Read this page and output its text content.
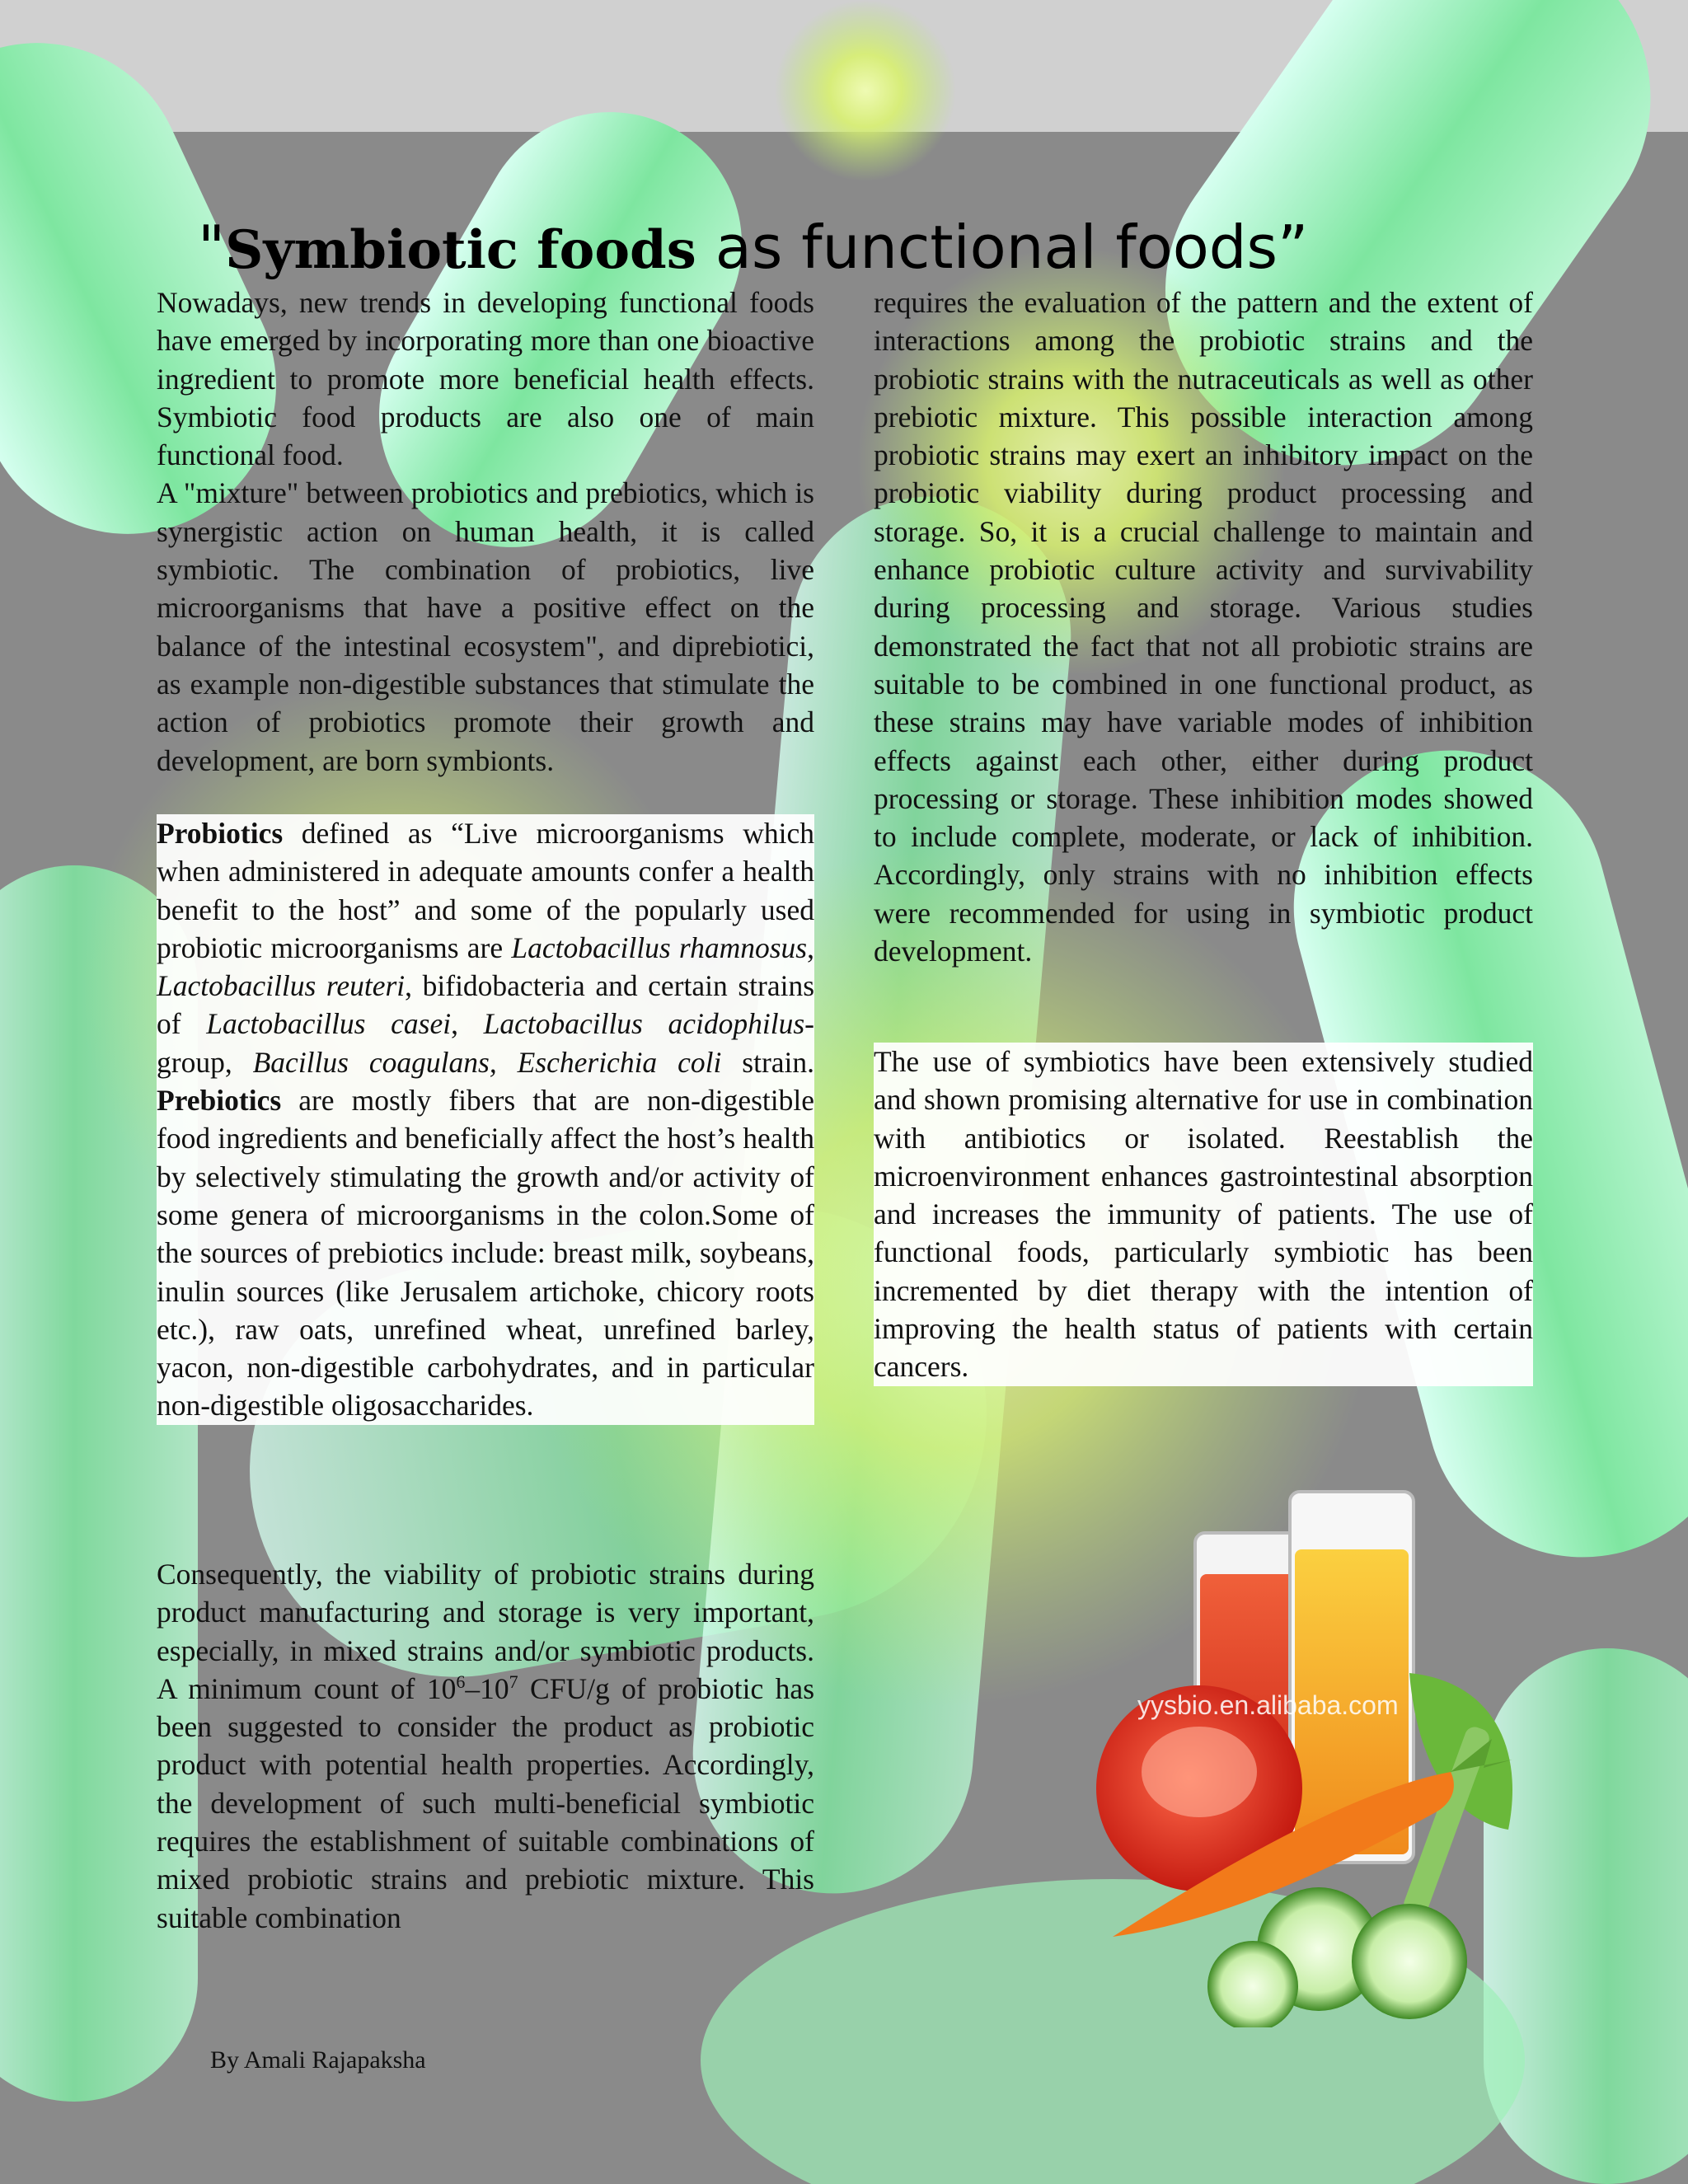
"Symbiotic foods as functional foods”

Nowadays, new trends in developing functional foods have emerged by incorporating more than one bioactive ingredient to promote more beneficial health effects. Symbiotic food products are also one of main functional food.

A "mixture" between probiotics and prebiotics, which is synergistic action on human health, it is called symbiotic. The combination of probiotics, live microorganisms that have a positive effect on the balance of the intestinal ecosystem", and diprebiotici, as example non-digestible substances that stimulate the action of probiotics promote their growth and development, are born symbionts.

Probiotics defined as “Live microorganisms which when administered in adequate amounts confer a health benefit to the host” and some of the popularly used probiotic microorganisms are Lactobacillus rhamnosus, Lactobacillus reuteri, bifidobacteria and certain strains of Lactobacillus casei, Lactobacillus acidophilus-group, Bacillus coagulans, Escherichia coli strain. Prebiotics are mostly fibers that are non-digestible food ingredients and beneficially affect the host’s health by selectively stimulating the growth and/or activity of some genera of microorganisms in the colon.Some of the sources of prebiotics include: breast milk, soybeans, inulin sources (like Jerusalem artichoke, chicory roots etc.), raw oats, unrefined wheat, unrefined barley, yacon, non-digestible carbohydrates, and in particular non-digestible oligosaccharides.

Consequently, the viability of probiotic strains during product manufacturing and storage is very important, especially, in mixed strains and/or symbiotic products. A minimum count of $10^6-10^7$ CFU/g of probiotic has been suggested to consider the product as probiotic product with potential health properties. Accordingly, the development of such multi-beneficial symbiotic requires the establishment of suitable combinations of mixed probiotic strains and prebiotic mixture. This suitable combination

requires the evaluation of the pattern and the extent of interactions among the probiotic strains and the probiotic strains with the nutraceuticals as well as other prebiotic mixture. This possible interaction among probiotic strains may exert an inhibitory impact on the probiotic viability during product processing and storage. So, it is a crucial challenge to maintain and enhance probiotic culture activity and survivability during processing and storage. Various studies demonstrated the fact that not all probiotic strains are suitable to be combined in one functional product, as these strains may have variable modes of inhibition effects against each other, either during product processing or storage. These inhibition modes showed to include complete, moderate, or lack of inhibition. Accordingly, only strains with no inhibition effects were recommended for using in symbiotic product development.

The use of symbiotics have been extensively studied and shown promising alternative for use in combination with antibiotics or isolated. Reestablish the microenvironment enhances gastrointestinal absorption and increases the immunity of patients. The use of functional foods, particularly symbiotic has been incremented by diet therapy with the intention of improving the health status of patients with certain cancers.

yysbio.en.alibaba.com
By Amali Rajapaksha
